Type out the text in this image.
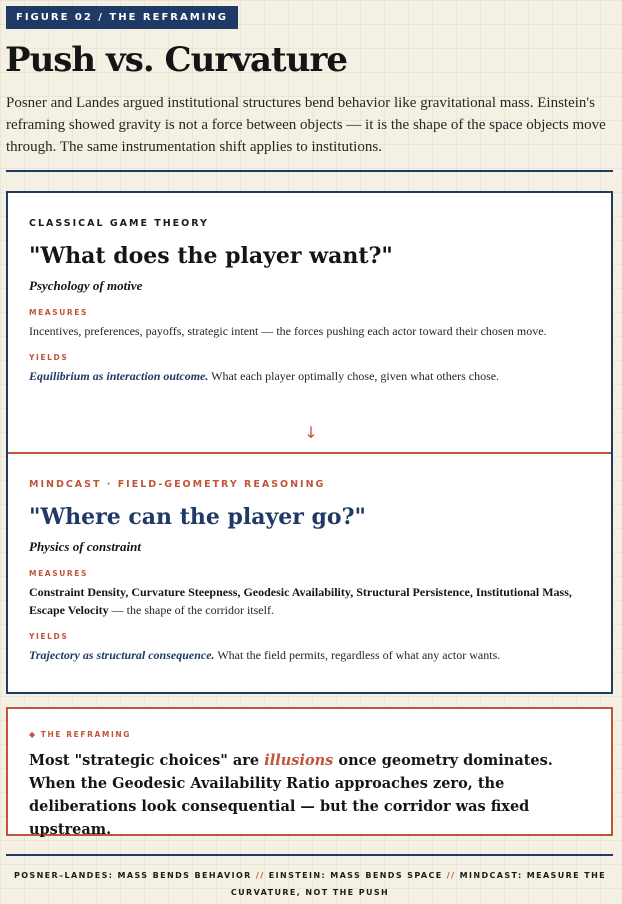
FIGURE 02 / THE REFRAMING
Push vs. Curvature
Posner and Landes argued institutional structures bend behavior like gravitational mass. Einstein's reframing showed gravity is not a force between objects — it is the shape of the space objects move through. The same instrumentation shift applies to institutions.
CLASSICAL GAME THEORY
"What does the player want?"
Psychology of motive
MEASURES
Incentives, preferences, payoffs, strategic intent — the forces pushing each actor toward their chosen move.
YIELDS
Equilibrium as interaction outcome. What each player optimally chose, given what others chose.
↓
MINDCAST · FIELD-GEOMETRY REASONING
"Where can the player go?"
Physics of constraint
MEASURES
Constraint Density, Curvature Steepness, Geodesic Availability, Structural Persistence, Institutional Mass, Escape Velocity — the shape of the corridor itself.
YIELDS
Trajectory as structural consequence. What the field permits, regardless of what any actor wants.
◆ THE REFRAMING
Most "strategic choices" are illusions once geometry dominates. When the Geodesic Availability Ratio approaches zero, the deliberations look consequential — but the corridor was fixed upstream.
POSNER–LANDES: MASS BENDS BEHAVIOR // EINSTEIN: MASS BENDS SPACE // MINDCAST: MEASURE THE CURVATURE, NOT THE PUSH
